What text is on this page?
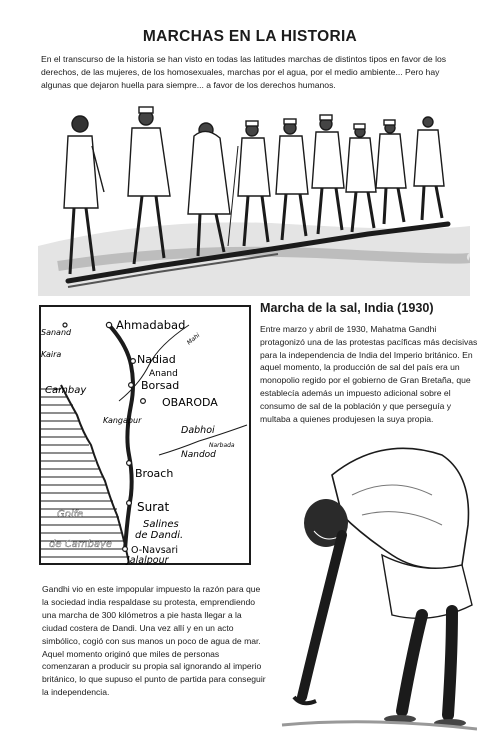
MARCHAS EN LA HISTORIA

En el transcurso de la historia se han visto en todas las latitudes marchas de distintos tipos en favor de los derechos, de las mujeres, de los homosexuales, marchas por el agua, por el medio ambiente... Pero hay algunas que dejaron huella para siempre... a favor de los derechos humanos.

Sanand
Ahmadabad
Kaira
Mahi
Nadiad
Anand
Cambay	Borsad
OBARODA
Kangapur
Dabhoi
Narbada
Nandod
Broach
Surat
Salines
de Dandi.
Golfe
de Cambaye
O-Navsari
Jalalpour
Marcha de la sal, India (1930)

Entre marzo y abril de 1930, Mahatma Gandhi protagonizó una de las protestas pacíficas más decisivas para la independencia de India del Imperio británico. En aquel momento, la producción de sal del país era un monopolio regido por el gobierno de Gran Bretaña, que establecía además un impuesto adicional sobre el consumo de sal de la población y que perseguía y multaba a quienes produjesen la suya propia.

Gandhi vio en este impopular impuesto la razón para que la sociedad india respaldase su protesta, emprendiendo una marcha de 300 kilómetros a pie hasta llegar a la ciudad costera de Dandi. Una vez allí y en un acto simbólico, cogió con sus manos un poco de agua de mar. Aquel momento originó que miles de personas comenzaran a producir su propia sal ignorando al imperio británico, lo que supuso el punto de partida para conseguir la independencia.
